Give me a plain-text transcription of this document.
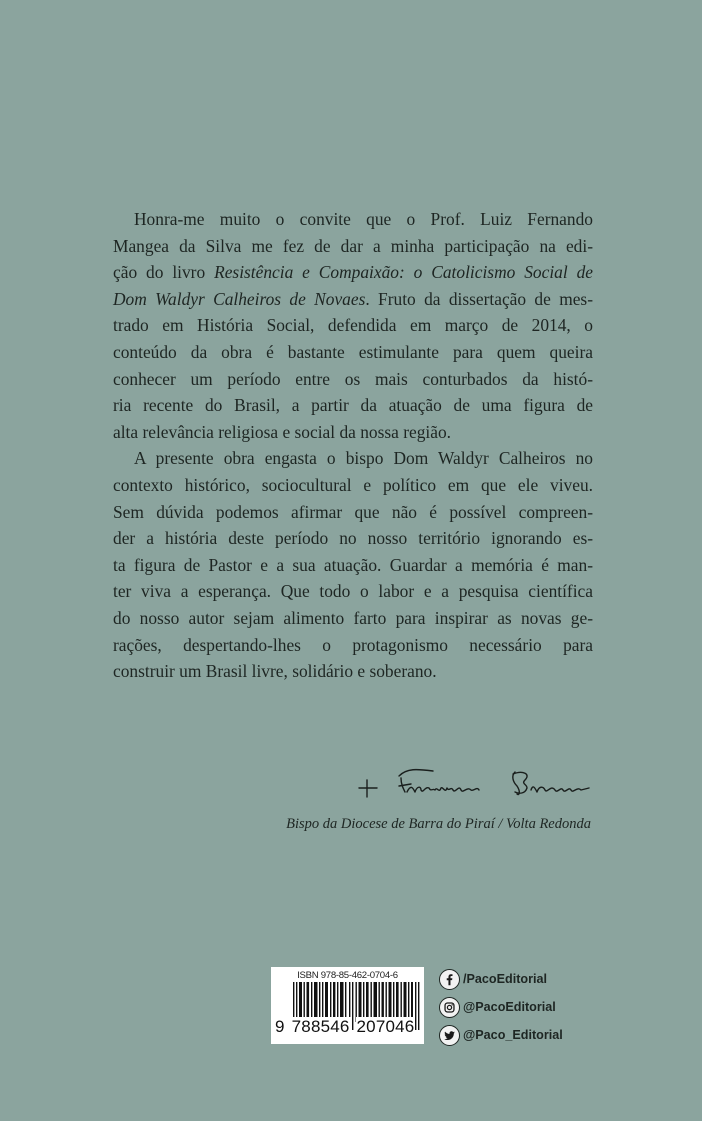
Honra-me muito o convite que o Prof. Luiz Fernando
Mangea da Silva me fez de dar a minha participação na edi-
ção do livro Resistência e Compaixão: o Catolicismo Social de
Dom Waldyr Calheiros de Novaes. Fruto da dissertação de mes-
trado em História Social, defendida em março de 2014, o
conteúdo da obra é bastante estimulante para quem queira
conhecer um período entre os mais conturbados da histó-
ria recente do Brasil, a partir da atuação de uma figura de
alta relevância religiosa e social da nossa região.
A presente obra engasta o bispo Dom Waldyr Calheiros no
contexto histórico, sociocultural e político em que ele viveu.
Sem dúvida podemos afirmar que não é possível compreen-
der a história deste período no nosso território ignorando es-
ta figura de Pastor e a sua atuação. Guardar a memória é man-
ter viva a esperança. Que todo o labor e a pesquisa científica
do nosso autor sejam alimento farto para inspirar as novas ge-
rações, despertando-lhes o protagonismo necessário para
construir um Brasil livre, solidário e soberano.
Bispo da Diocese de Barra do Piraí / Volta Redonda
ISBN 978-85-462-0704-6
9 788546 207046
/PacoEditorial
@PacoEditorial
@Paco_Editorial
